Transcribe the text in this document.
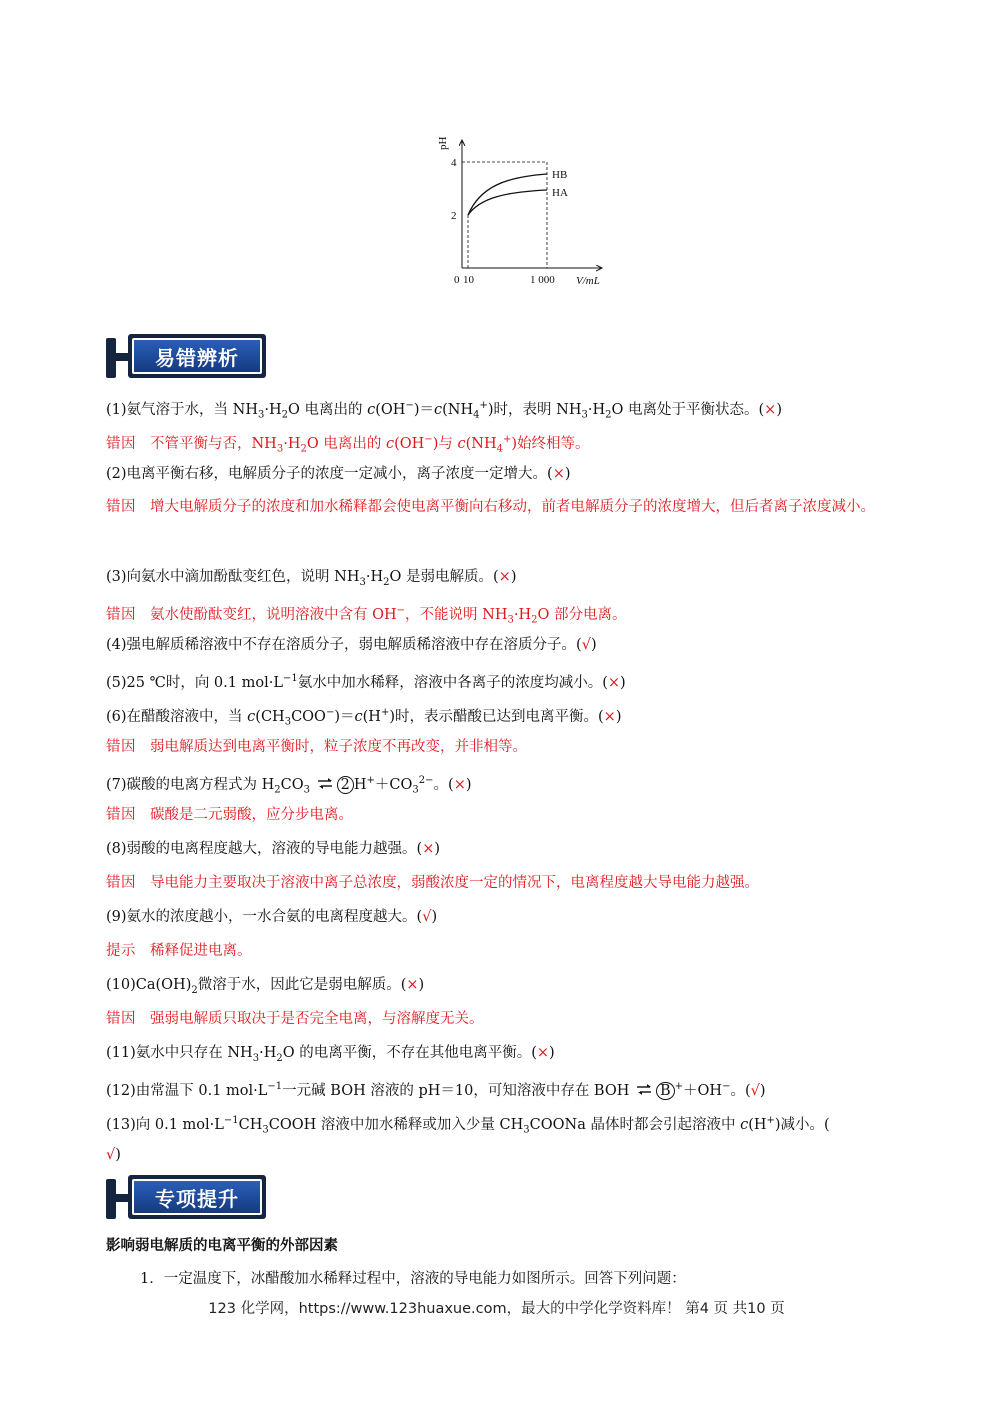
pH
4
2
0 10	1 000 V/mL
HB
HA
易错辨析
(1)氨气溶于水，当 $NH_3\cdot H_2O$ 电离出的 $c(OH^-)=c(NH_4^+)$时，表明 $NH_3\cdot H_2O$ 电离处于平衡状态。(×)
错因 不管平衡与否，$NH_3\cdot H_2O$ 电离出的 c(OH−)与 $c(NH_4^+)$始终相等。
(2)电离平衡右移，电解质分子的浓度一定减小，离子浓度一定增大。(×)
错因 增大电解质分子的浓度和加水稀释都会使电离平衡向右移动，前者电解质分子的浓度增大，但后者离子浓度减小。
(3)向氨水中滴加酚酞变红色，说明 $NH_3\cdot H_2O$ 是弱电解质。(×)
错因 氨水使酚酞变红，说明溶液中含有 OH−，不能说明 $NH_3\cdot H_2O$ 部分电离。
(4)强电解质稀溶液中不存在溶质分子，弱电解质稀溶液中存在溶质分子。(√)
(5)25 ℃时，向 0.1 $mol\cdot L^{-1}$氨水中加水稀释，溶液中各离子的浓度均减小。(×)
(6)在醋酸溶液中，当 $c(CH_3COO^-)=c(H^+)$时，表示醋酸已达到电离平衡。(×)
错因 弱电解质达到电离平衡时，粒子浓度不再改变，并非相等。
(7)碳酸的电离方程式为 $H_2CO_3$ ⇌ 2 $H^++CO_3^{2-}$。(×)
错因 碳酸是二元弱酸，应分步电离。
(8)弱酸的电离程度越大，溶液的导电能力越强。(×)
错因 导电能力主要取决于溶液中离子总浓度，弱酸浓度一定的情况下，电离程度越大导电能力越强。
(9)氨水的浓度越小，一水合氨的电离程度越大。(√)
提示 稀释促进电离。
$(10)Ca(OH)_2$微溶于水，因此它是弱电解质。(×)
错因 强弱电解质只取决于是否完全电离，与溶解度无关。
(11)氨水中只存在 $NH_3\cdot H_2O$ 的电离平衡，不存在其他电离平衡。(×)
(12)由常温下 0.1 $mol\cdot L^{-1}$一元碱 BOH 溶液的 pH＝10，可知溶液中存在 BOH ⇌ B +＋OH−。(√)
(13)向 0.1 $mol\cdot L^{-1}CH_3COOH$ 溶液中加水稀释或加入少量 $CH_3COONa$ 晶体时都会引起溶液中 c(H+)减小。(
√)
专项提升
影响弱电解质的电离平衡的外部因素
1．一定温度下，冰醋酸加水稀释过程中，溶液的导电能力如图所示。回答下列问题：
123 化学网，https://www.123huaxue.com，最大的中学化学资料库！ 第4 页 共10 页
